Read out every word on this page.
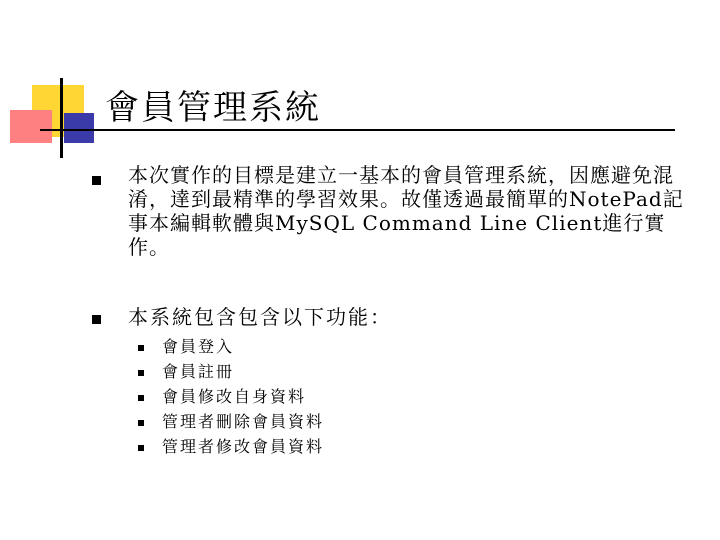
會員管理系統
本次實作的目標是建立一基本的會員管理系統，因應避免混淆，達到最精準的學習效果。故僅透過最簡單的NotePad記事本編輯軟體與MySQL Command Line Client進行實作。
本系統包含包含以下功能：
會員登入
會員註冊
會員修改自身資料
管理者刪除會員資料
管理者修改會員資料
